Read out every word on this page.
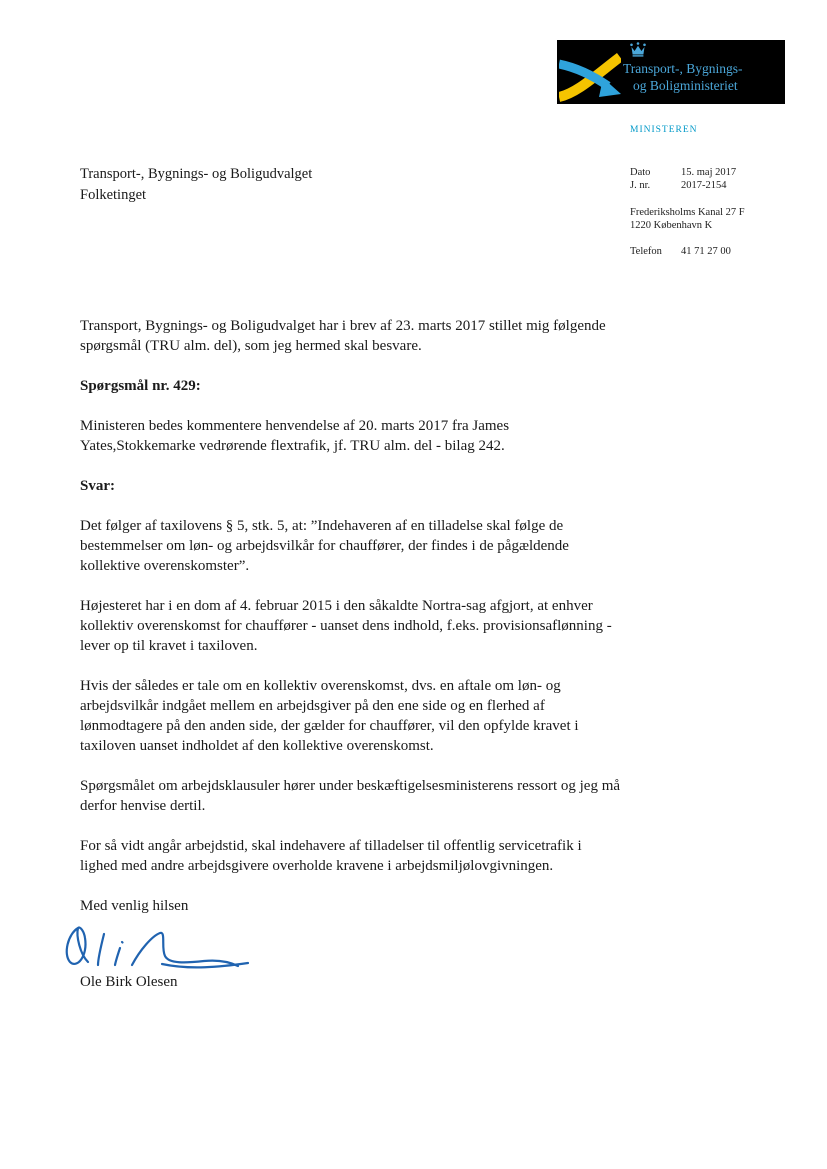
Transport-, Bygnings-
og Boligministeriet
MINISTEREN
Dato	15. maj 2017
J. nr.	2017-2154
Frederiksholms Kanal 27 F
1220 København K
Telefon	41 71 27 00
Transport-, Bygnings- og Boligudvalget
Folketinget

Transport, Bygnings- og Boligudvalget har i brev af 23. marts 2017 stillet mig følgende spørgsmål (TRU alm. del), som jeg hermed skal besvare.

Spørgsmål nr. 429:

Ministeren bedes kommentere henvendelse af 20. marts 2017 fra James Yates,Stokkemarke vedrørende flextrafik, jf. TRU alm. del - bilag 242.

Svar:

Det følger af taxilovens § 5, stk. 5, at: ”Indehaveren af en tilladelse skal følge de bestemmelser om løn- og arbejdsvilkår for chauffører, der findes i de pågældende kollektive overenskomster”.

Højesteret har i en dom af 4. februar 2015 i den såkaldte Nortra-sag afgjort, at enhver kollektiv overenskomst for chauffører - uanset dens indhold, f.eks. provisionsaflønning - lever op til kravet i taxiloven.

Hvis der således er tale om en kollektiv overenskomst, dvs. en aftale om løn- og arbejdsvilkår indgået mellem en arbejdsgiver på den ene side og en flerhed af lønmodtagere på den anden side, der gælder for chauffører, vil den opfylde kravet i taxiloven uanset indholdet af den kollektive overenskomst.

Spørgsmålet om arbejdsklausuler hører under beskæftigelsesministerens ressort og jeg må derfor henvise dertil.

For så vidt angår arbejdstid, skal indehavere af tilladelser til offentlig servicetrafik i lighed med andre arbejdsgivere overholde kravene i arbejdsmiljølovgivningen.

Med venlig hilsen

Ole Birk Olesen
